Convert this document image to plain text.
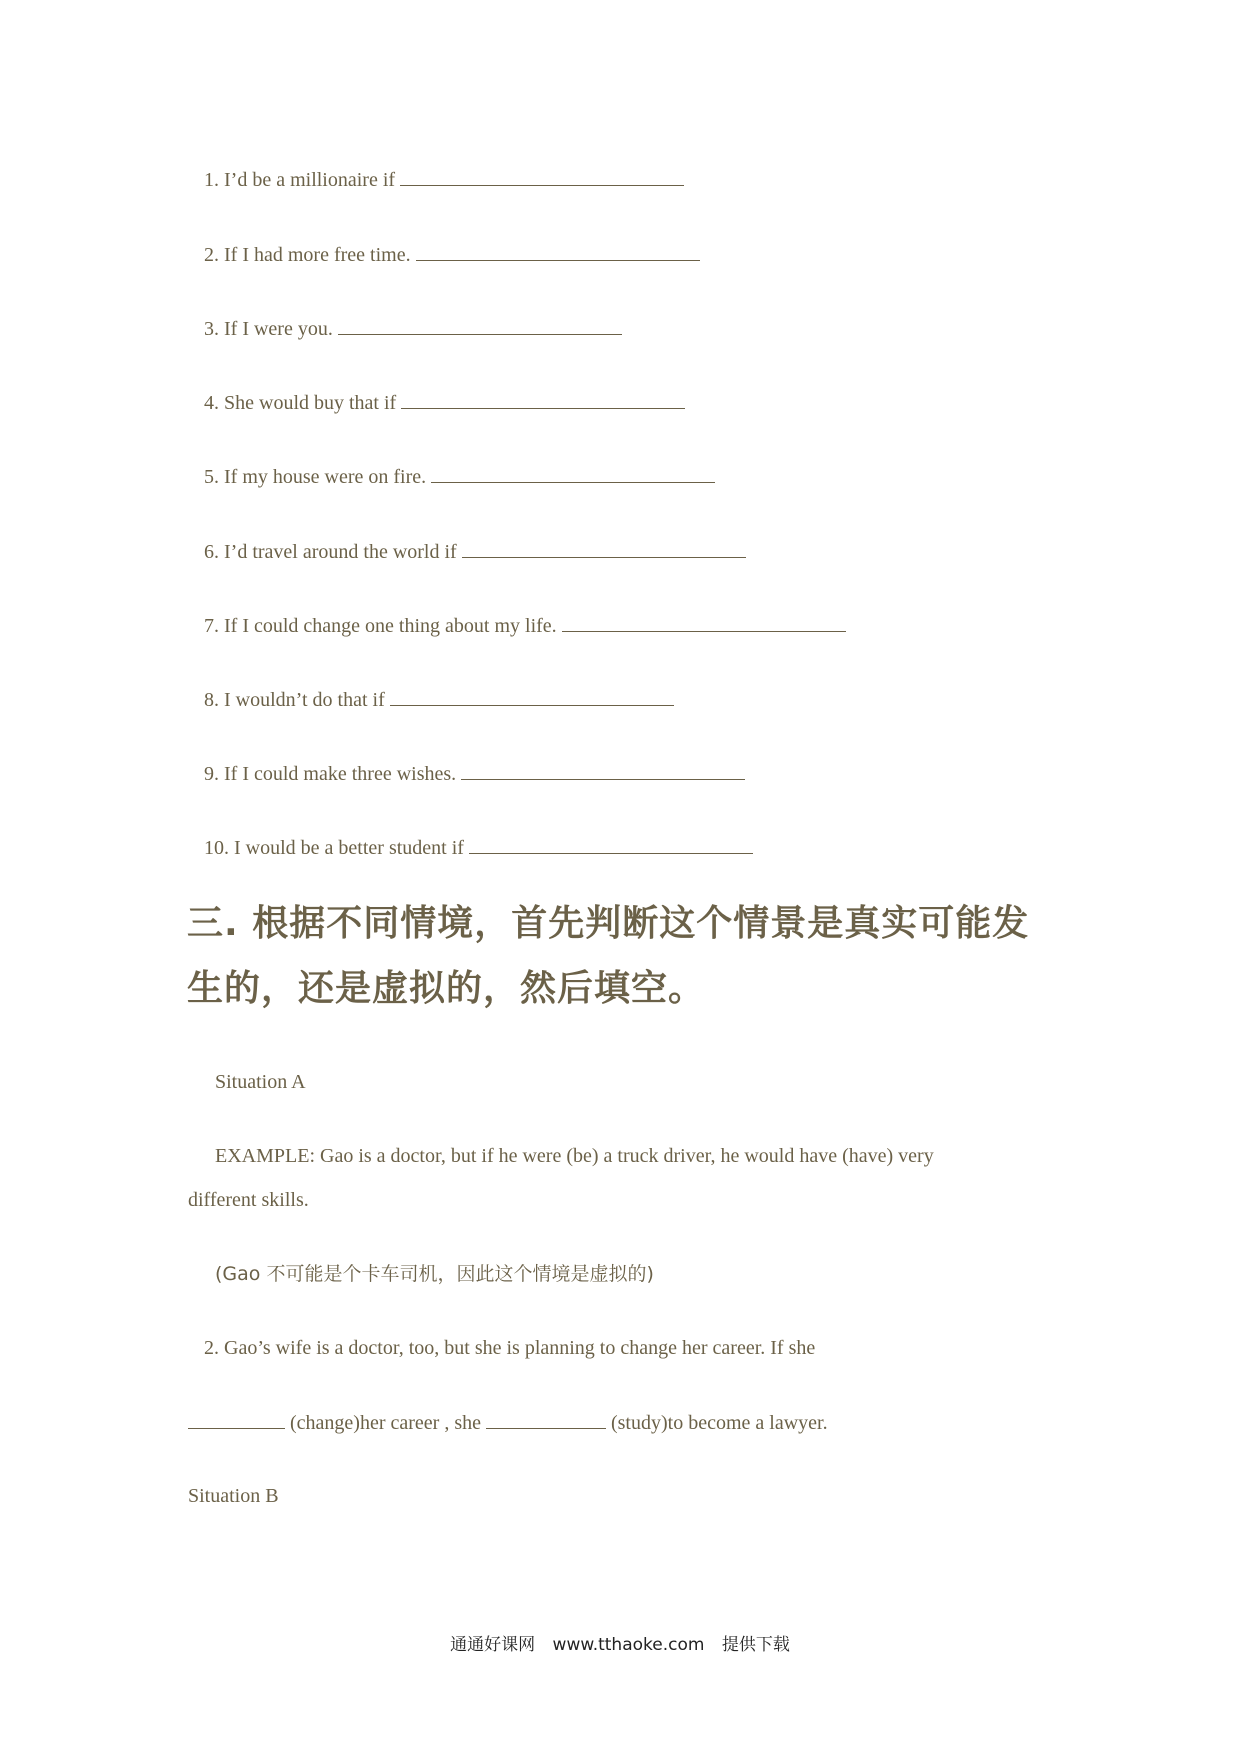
1. I’d be a millionaire if
2. If I had more free time.
3. If I were you.
4. She would buy that if
5. If my house were on fire.
6. I’d travel around the world if
7. If I could change one thing about my life.
8. I wouldn’t do that if
9. If I could make three wishes.
10. I would be a better student if
三. 根据不同情境，首先判断这个情景是真实可能发
生的，还是虚拟的，然后填空。
Situation A
EXAMPLE: Gao is a doctor, but if he were (be) a truck driver, he would have (have) very
different skills.
(Gao 不可能是个卡车司机，因此这个情境是虚拟的)
2. Gao’s wife is a doctor, too, but she is planning to change her career. If she
(change)her career , she	(study)to become a lawyer.
Situation B
通通好课网 www.tthaoke.com 提供下载
